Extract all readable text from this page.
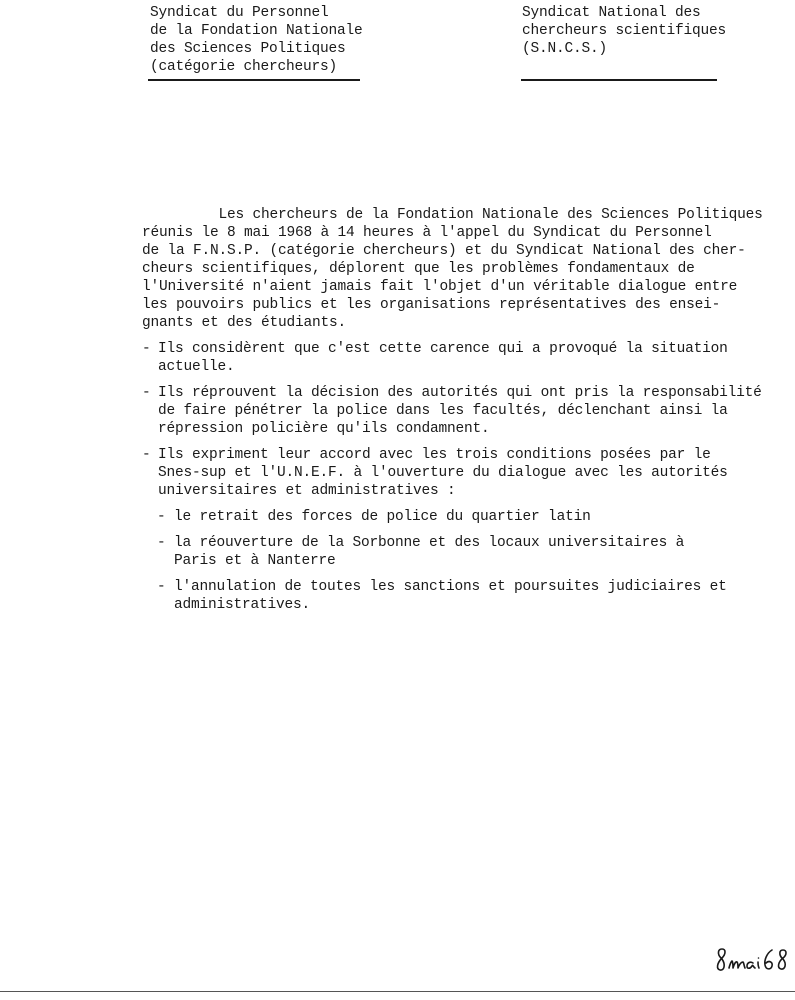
Syndicat du Personnel
de la Fondation Nationale
des Sciences Politiques
(catégorie chercheurs)
Syndicat National des
chercheurs scientifiques
(S.N.C.S.)
Les chercheurs de la Fondation Nationale des Sciences Politiques
réunis le 8 mai 1968 à 14 heures à l'appel du Syndicat du Personnel
de la F.N.S.P. (catégorie chercheurs) et du Syndicat National des cher-
cheurs scientifiques, déplorent que les problèmes fondamentaux de
l'Université n'aient jamais fait l'objet d'un véritable dialogue entre
les pouvoirs publics et les organisations représentatives des ensei-
gnants et des étudiants.
- Ils considèrent que c'est cette carence qui a provoqué la situation
actuelle.
- Ils réprouvent la décision des autorités qui ont pris la responsabilité
de faire pénétrer la police dans les facultés, déclenchant ainsi la
répression policière qu'ils condamnent.
- Ils expriment leur accord avec les trois conditions posées par le
Snes-sup et l'U.N.E.F. à l'ouverture du dialogue avec les autorités
universitaires et administratives :
- le retrait des forces de police du quartier latin
- la réouverture de la Sorbonne et des locaux universitaires à
Paris et à Nanterre
- l'annulation de toutes les sanctions et poursuites judiciaires et
administratives.
